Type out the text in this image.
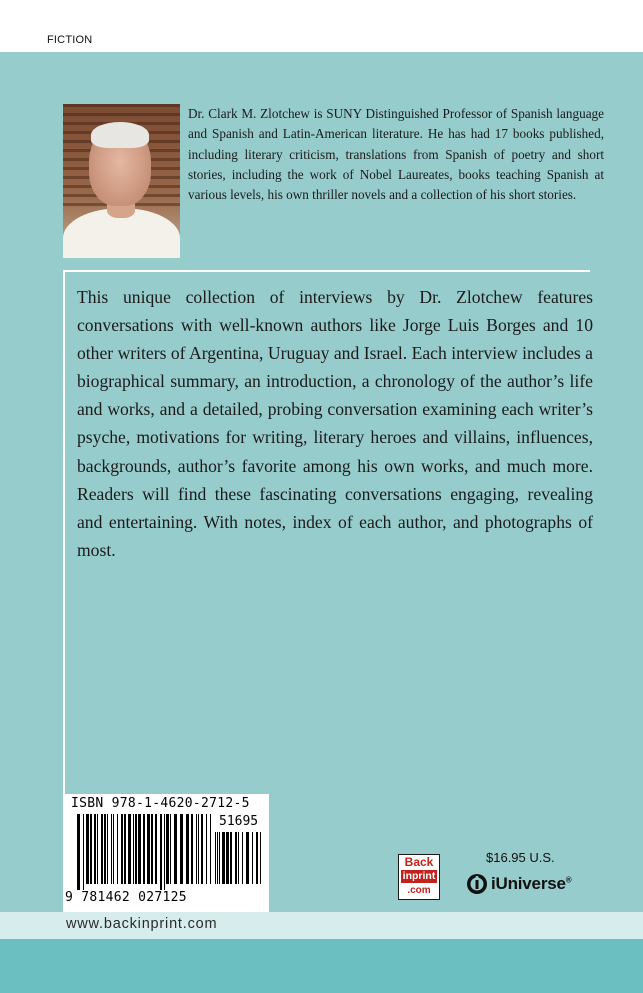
FICTION
Dr. Clark M. Zlotchew is SUNY Distinguished Professor of Spanish language and Spanish and Latin-American literature. He has had 17 books published, including literary criticism, translations from Spanish of poetry and short stories, including the work of Nobel Laureates, books teaching Spanish at various levels, his own thriller novels and a collection of his short stories.
This unique collection of interviews by Dr. Zlotchew features conversations with well-known authors like Jorge Luis Borges and 10 other writers of Argentina, Uruguay and Israel. Each interview includes a biographical summary, an introduction, a chronology of the author’s life and works, and a detailed, probing conversation examining each writer’s psyche, motivations for writing, literary heroes and villains, influences, backgrounds, author’s favorite among his own works, and much more. Readers will find these fascinating conversations engaging, revealing and entertaining. With notes, index of each author, and photographs of most.
ISBN 978-1-4620-2712-5
51695
9 781462 027125
Back
inprint
.com
$16.95 U.S.
iUniverse®
www.backinprint.com
